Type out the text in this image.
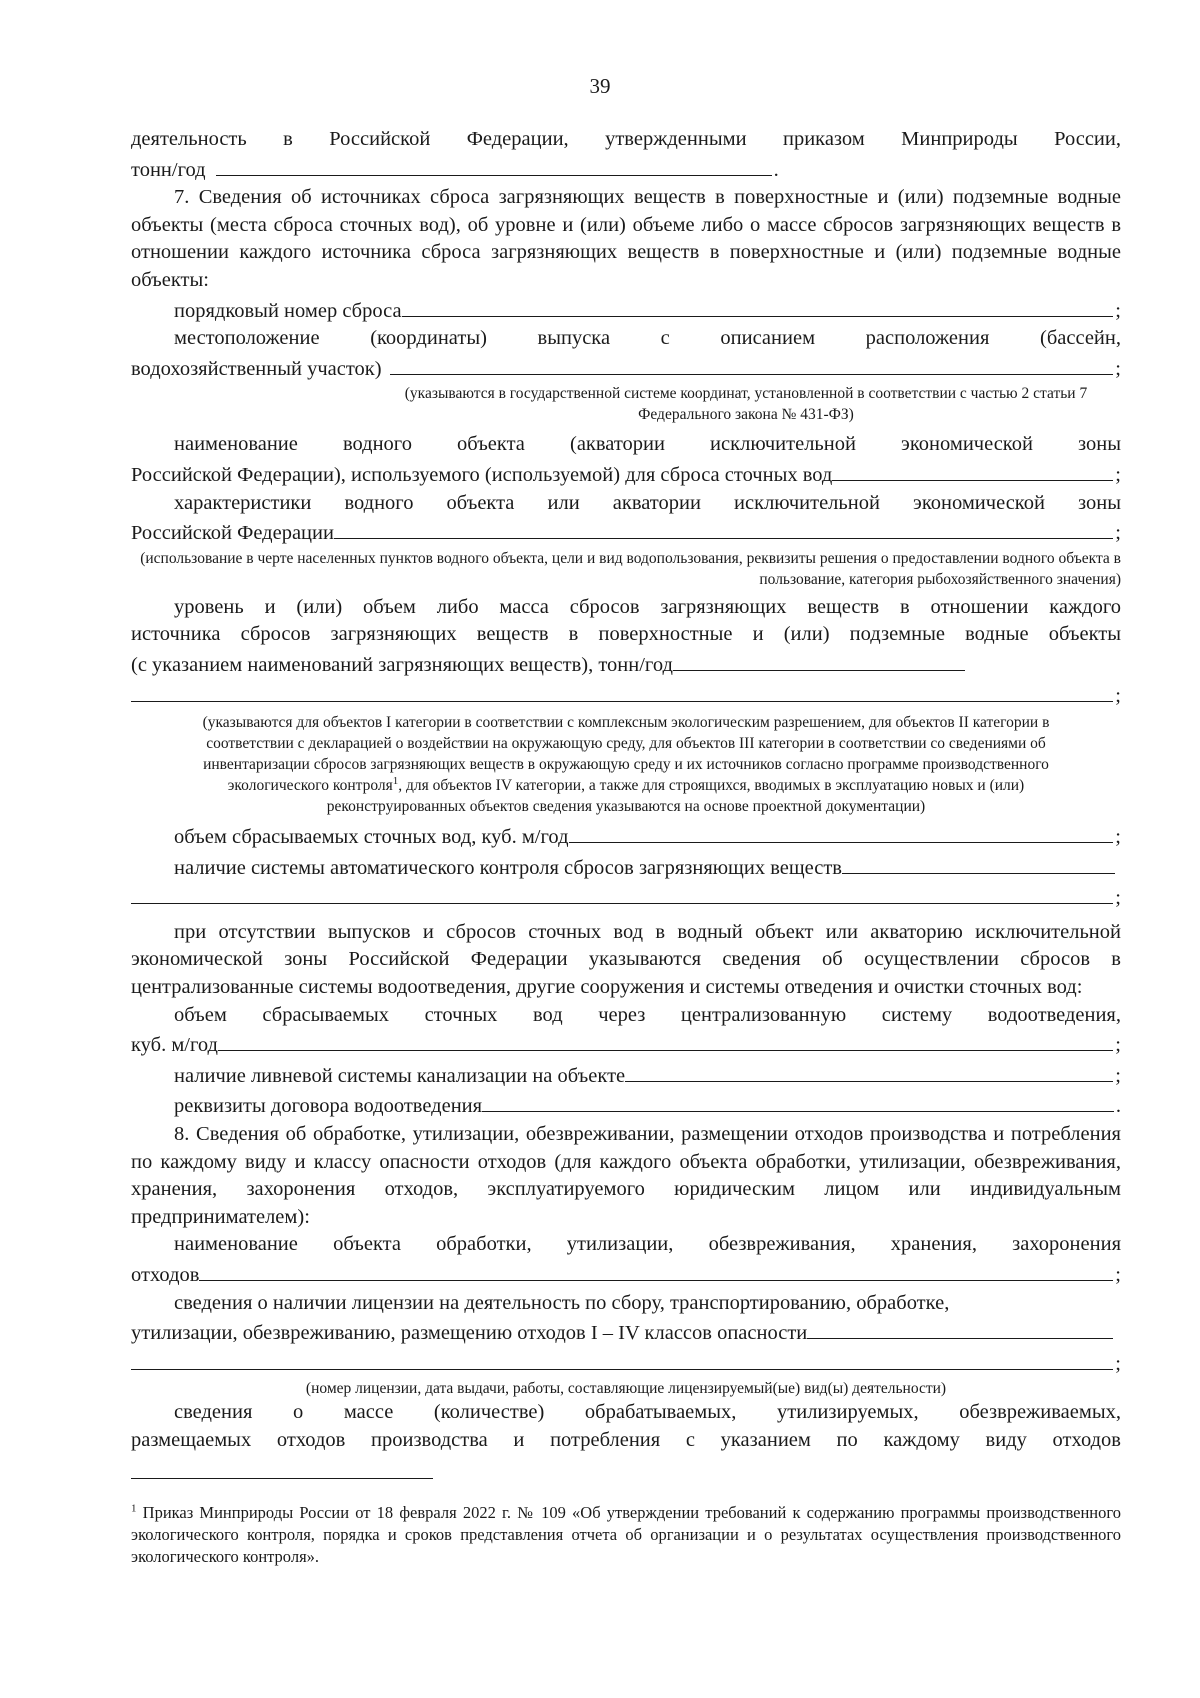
39

деятельность в Российской Федерации, утвержденными приказом Минприроды России,

тонн/год	.

7. Сведения об источниках сброса загрязняющих веществ в поверхностные и (или) подземные водные объекты (места сброса сточных вод), об уровне и (или) объеме либо о массе сбросов загрязняющих веществ в отношении каждого источника сброса загрязняющих веществ в поверхностные и (или) подземные водные объекты:

порядковый номер сброса	;

местоположение (координаты) выпуска с описанием расположения (бассейн,

водохозяйственный участок)	;

(указываются в государственной системе координат, установленной в соответствии с частью 2 статьи 7 Федерального закона № 431-ФЗ)

наименование водного объекта (акватории исключительной экономической зоны

Российской Федерации), используемого (используемой) для сброса сточных вод	;

характеристики водного объекта или акватории исключительной экономической зоны

Российской Федерации	;

(использование в черте населенных пунктов водного объекта, цели и вид водопользования, реквизиты решения о предоставлении водного объекта в пользование, категория рыбохозяйственного значения)

уровень и (или) объем либо масса сбросов загрязняющих веществ в отношении каждого

источника сбросов загрязняющих веществ в поверхностные и (или) подземные водные объекты

(с указанием наименований загрязняющих веществ), тонн/год
;

(указываются для объектов I категории в соответствии с комплексным экологическим разрешением, для объектов II категории в соответствии с декларацией о воздействии на окружающую среду, для объектов III категории в соответствии со сведениями об инвентаризации сбросов загрязняющих веществ в окружающую среду и их источников согласно программе производственного экологического контроля$^1$, для объектов IV категории, а также для строящихся, вводимых в эксплуатацию новых и (или) реконструированных объектов сведения указываются на основе проектной документации)

объем сбрасываемых сточных вод, куб. м/год	;
наличие системы автоматического контроля сбросов загрязняющих веществ
;

при отсутствии выпусков и сбросов сточных вод в водный объект или акваторию исключительной экономической зоны Российской Федерации указываются сведения об осуществлении сбросов в централизованные системы водоотведения, другие сооружения и системы отведения и очистки сточных вод:

объем сбрасываемых сточных вод через централизованную систему водоотведения,

куб. м/год	;
наличие ливневой системы канализации на объекте	;
реквизиты договора водоотведения	.

8. Сведения об обработке, утилизации, обезвреживании, размещении отходов производства и потребления по каждому виду и классу опасности отходов (для каждого объекта обработки, утилизации, обезвреживания, хранения, захоронения отходов, эксплуатируемого юридическим лицом или индивидуальным предпринимателем):

наименование объекта обработки, утилизации, обезвреживания, хранения, захоронения

отходов	;

сведения о наличии лицензии на деятельность по сбору, транспортированию, обработке,

утилизации, обезвреживанию, размещению отходов I – IV классов опасности
;

(номер лицензии, дата выдачи, работы, составляющие лицензируемый(ые) вид(ы) деятельности)

сведения о массе (количестве) обрабатываемых, утилизируемых, обезвреживаемых,

размещаемых отходов производства и потребления с указанием по каждому виду отходов

$^1$ Приказ Минприроды России от 18 февраля 2022 г. № 109 «Об утверждении требований к содержанию программы производственного экологического контроля, порядка и сроков представления отчета об организации и о результатах осуществления производственного экологического контроля».
